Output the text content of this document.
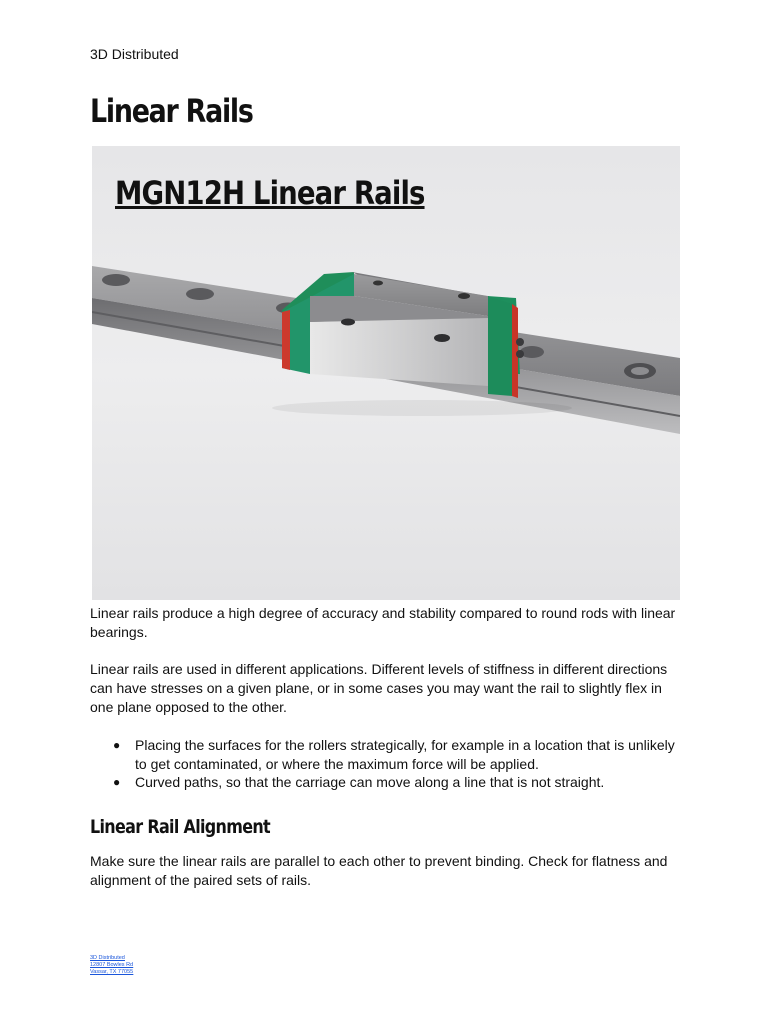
3D Distributed
Linear Rails
MGN12H Linear Rails

Linear rails produce a high degree of accuracy and stability compared to round rods with linear bearings.

Linear rails are used in different applications. Different levels of stiffness in different directions can have stresses on a given plane, or in some cases you may want the rail to slightly flex in one plane opposed to the other.

● Placing the surfaces for the rollers strategically, for example in a location that is unlikely to get contaminated, or where the maximum force will be applied.
● Curved paths, so that the carriage can move along a line that is not straight.
Linear Rail Alignment

Make sure the linear rails are parallel to each other to prevent binding. Check for flatness and alignment of the paired sets of rails.

3D Distributed
12807 Bowles Rd
Vassar, TX 77055
